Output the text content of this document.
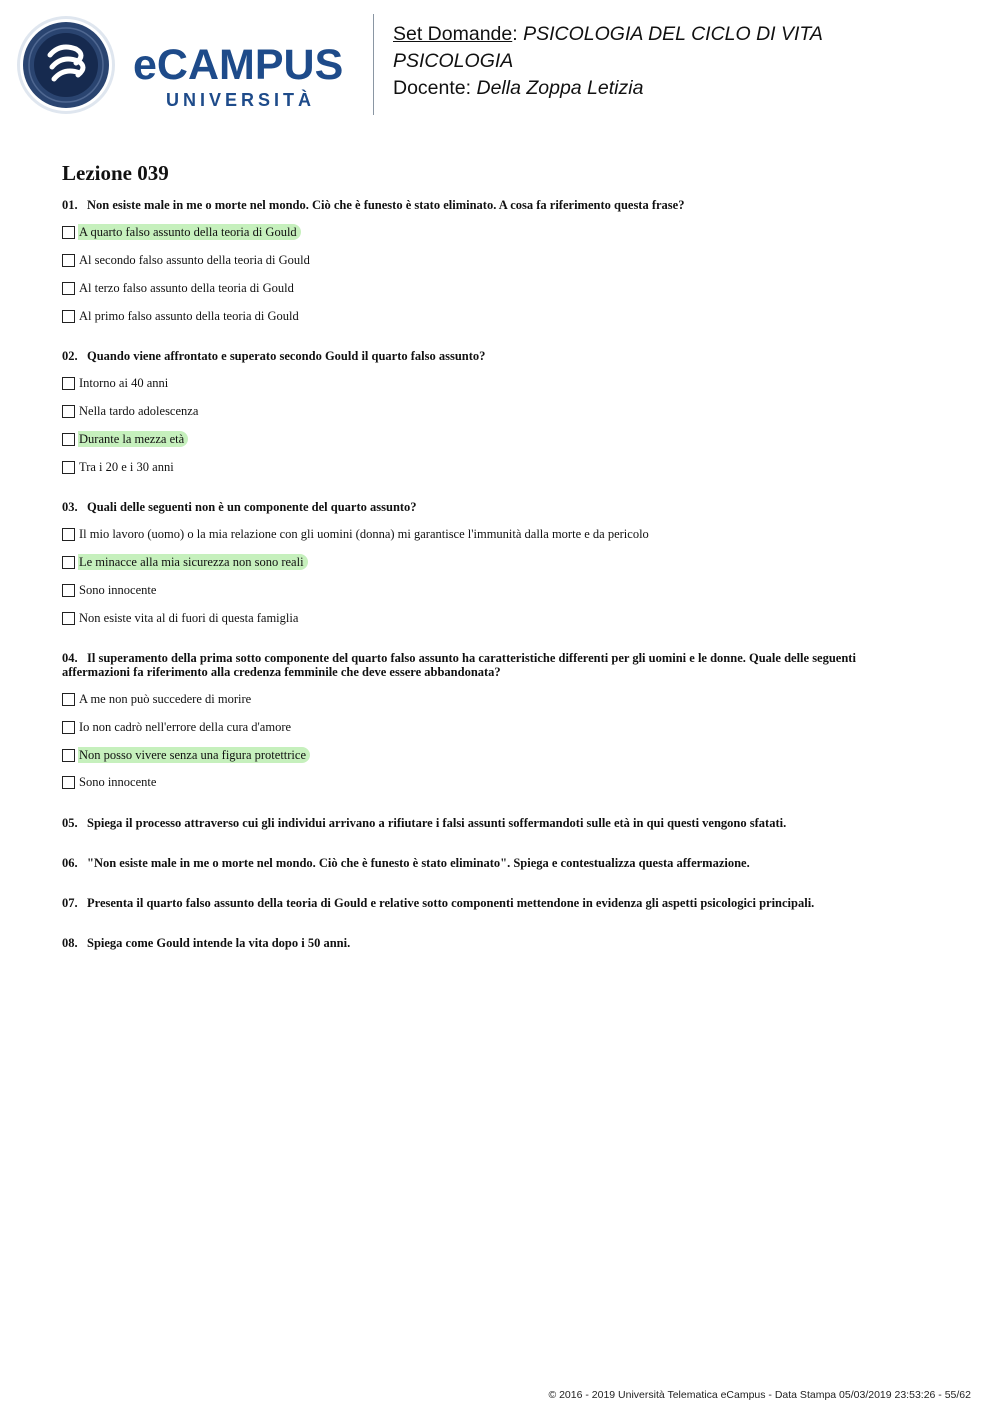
eCAMPUS
UNIVERSITÀ
Set Domande: PSICOLOGIA DEL CICLO DI VITA
PSICOLOGIA
Docente: Della Zoppa Letizia
Lezione 039
01. Non esiste male in me o morte nel mondo. Ciò che è funesto è stato eliminato. A cosa fa riferimento questa frase?
A quarto falso assunto della teoria di Gould
Al secondo falso assunto della teoria di Gould
Al terzo falso assunto della teoria di Gould
Al primo falso assunto della teoria di Gould
02. Quando viene affrontato e superato secondo Gould il quarto falso assunto?
Intorno ai 40 anni
Nella tardo adolescenza
Durante la mezza età
Tra i 20 e i 30 anni
03. Quali delle seguenti non è un componente del quarto assunto?
Il mio lavoro (uomo) o la mia relazione con gli uomini (donna) mi garantisce l'immunità dalla morte e da pericolo
Le minacce alla mia sicurezza non sono reali
Sono innocente
Non esiste vita al di fuori di questa famiglia
04. Il superamento della prima sotto componente del quarto falso assunto ha caratteristiche differenti per gli uomini e le donne. Quale delle seguenti affermazioni fa riferimento alla credenza femminile che deve essere abbandonata?
A me non può succedere di morire
Io non cadrò nell'errore della cura d'amore
Non posso vivere senza una figura protettrice
Sono innocente
05. Spiega il processo attraverso cui gli individui arrivano a rifiutare i falsi assunti soffermandoti sulle età in qui questi vengono sfatati.
06. "Non esiste male in me o morte nel mondo. Ciò che è funesto è stato eliminato". Spiega e contestualizza questa affermazione.
07. Presenta il quarto falso assunto della teoria di Gould e relative sotto componenti mettendone in evidenza gli aspetti psicologici principali.
08. Spiega come Gould intende la vita dopo i 50 anni.
© 2016 - 2019 Università Telematica eCampus - Data Stampa 05/03/2019 23:53:26 - 55/62
